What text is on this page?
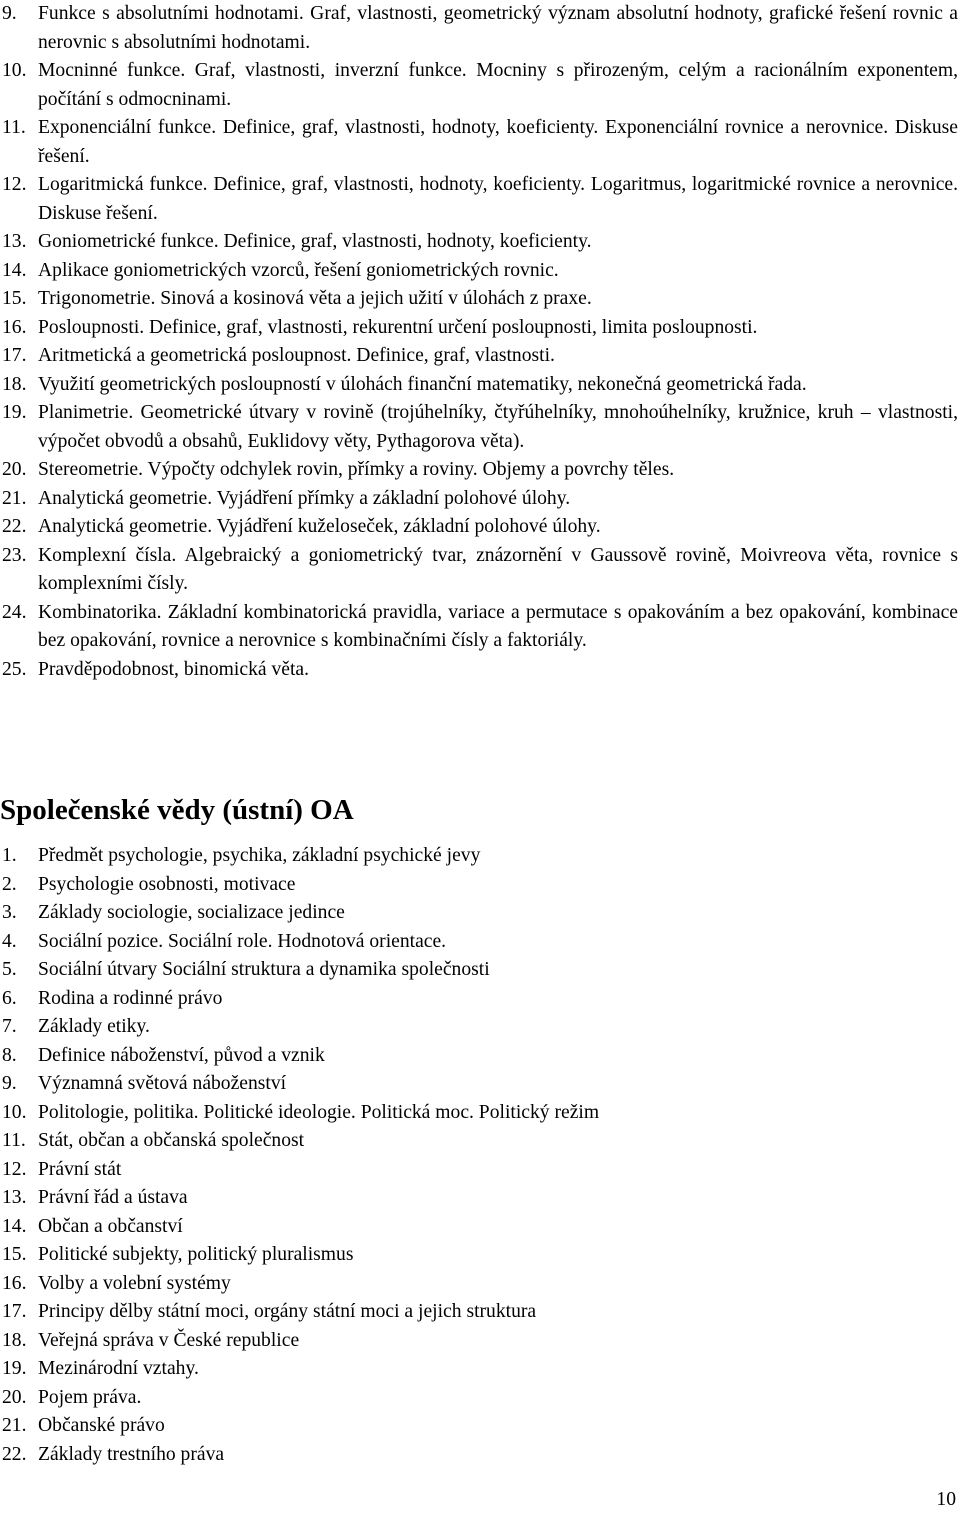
9.	Funkce s absolutními hodnotami. Graf, vlastnosti, geometrický význam absolutní hodnoty, grafické řešení rovnic a nerovnic s absolutními hodnotami.
10. Mocninné funkce. Graf, vlastnosti, inverzní funkce. Mocniny s přirozeným, celým a racionálním exponentem, počítání s odmocninami.
11. Exponenciální funkce. Definice, graf, vlastnosti, hodnoty, koeficienty. Exponenciální rovnice a nerovnice. Diskuse řešení.
12. Logaritmická funkce. Definice, graf, vlastnosti, hodnoty, koeficienty. Logaritmus, logaritmické rovnice a nerovnice. Diskuse řešení.
13. Goniometrické funkce. Definice, graf, vlastnosti, hodnoty, koeficienty.
14. Aplikace goniometrických vzorců, řešení goniometrických rovnic.
15. Trigonometrie. Sinová a kosinová věta a jejich užití v úlohách z praxe.
16. Posloupnosti. Definice, graf, vlastnosti, rekurentní určení posloupnosti, limita posloupnosti.
17. Aritmetická a geometrická posloupnost. Definice, graf, vlastnosti.
18. Využití geometrických posloupností v úlohách finanční matematiky, nekonečná geometrická řada.
19. Planimetrie. Geometrické útvary v rovině (trojúhelníky, čtyřúhelníky, mnohoúhelníky, kružnice, kruh – vlastnosti, výpočet obvodů a obsahů, Euklidovy věty, Pythagorova věta).
20. Stereometrie. Výpočty odchylek rovin, přímky a roviny. Objemy a povrchy těles.
21. Analytická geometrie. Vyjádření přímky a základní polohové úlohy.
22. Analytická geometrie. Vyjádření kuželoseček, základní polohové úlohy.
23. Komplexní čísla. Algebraický a goniometrický tvar, znázornění v Gaussově rovině, Moivreova věta, rovnice s komplexními čísly.
24. Kombinatorika. Základní kombinatorická pravidla, variace a permutace s opakováním a bez opakování, kombinace bez opakování, rovnice a nerovnice s kombinačními čísly a faktoriály.
25. Pravděpodobnost, binomická věta.
Společenské vědy (ústní) OA
1.	Předmět psychologie, psychika, základní psychické jevy
2.	Psychologie osobnosti, motivace
3.	Základy sociologie, socializace jedince
4.	Sociální pozice. Sociální role. Hodnotová orientace.
5.	Sociální útvary Sociální struktura a dynamika společnosti
6.	Rodina a rodinné právo
7.	Základy etiky.
8.	Definice náboženství, původ a vznik
9.	Významná světová náboženství
10. Politologie, politika. Politické ideologie. Politická moc. Politický režim
11. Stát, občan a občanská společnost
12. Právní stát
13. Právní řád a ústava
14. Občan a občanství
15. Politické subjekty, politický pluralismus
16. Volby a volební systémy
17. Principy dělby státní moci, orgány státní moci a jejich struktura
18. Veřejná správa v České republice
19. Mezinárodní vztahy.
20. Pojem práva.
21. Občanské právo
22. Základy trestního práva
10
